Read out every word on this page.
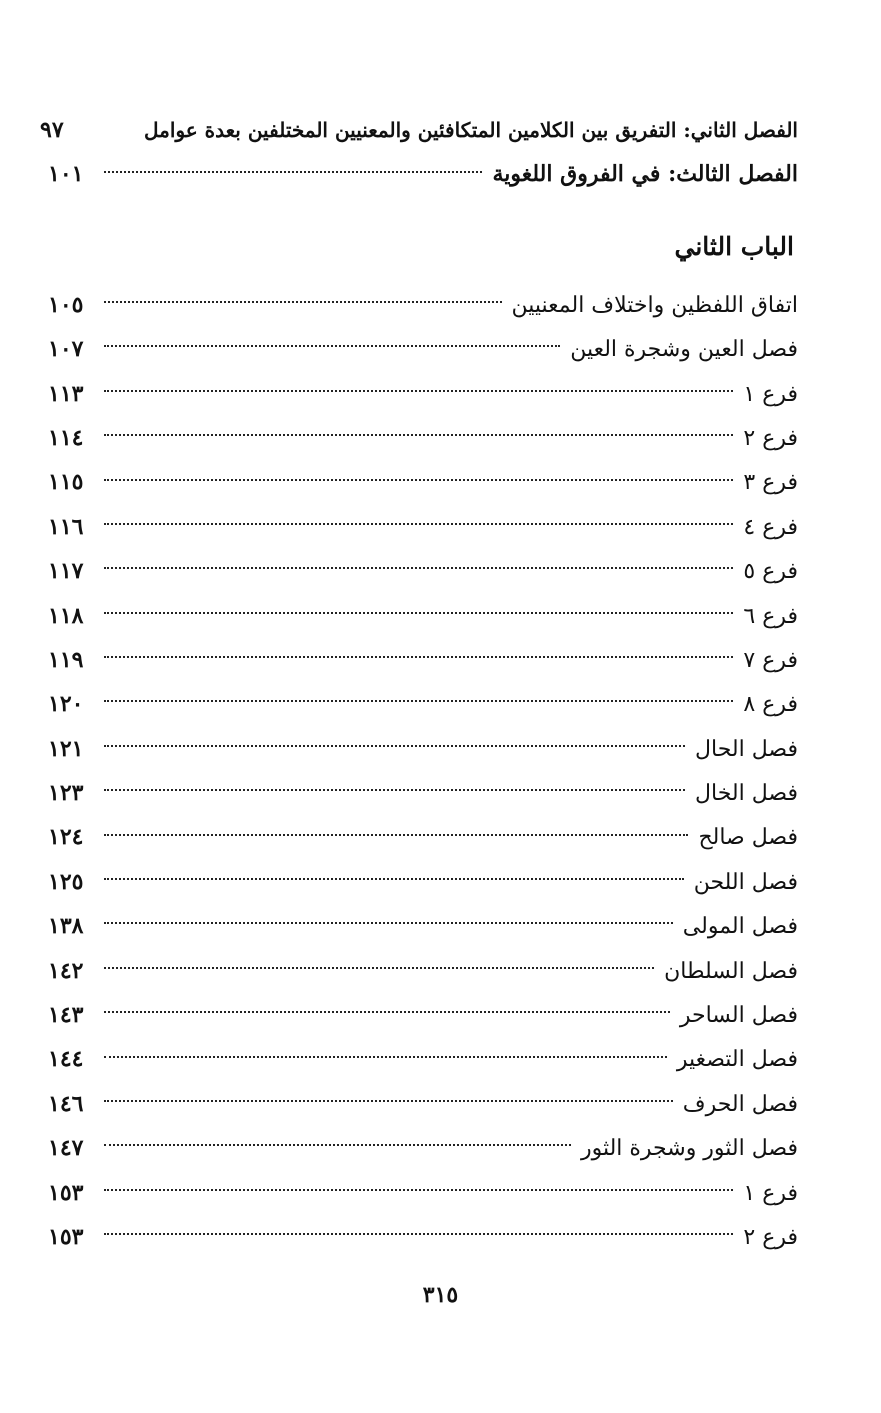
الفصل الثاني: التفريق بين الكلامين المتكافئين والمعنيين المختلفين بعدة عوامل
٩٧
الفصل الثالث: في الفروق اللغوية
١٠١
الباب الثاني
اتفاق اللفظين واختلاف المعنيين
١٠٥
فصل العين وشجرة العين
١٠٧
فرع ١
١١٣
فرع ٢
١١٤
فرع ٣
١١٥
فرع ٤
١١٦
فرع ٥
١١٧
فرع ٦
١١٨
فرع ٧
١١٩
فرع ٨
١٢٠
فصل الحال
١٢١
فصل الخال
١٢٣
فصل صالح
١٢٤
فصل اللحن
١٢٥
فصل المولى
١٣٨
فصل السلطان
١٤٢
فصل الساحر
١٤٣
فصل التصغير
١٤٤
فصل الحرف
١٤٦
فصل الثور وشجرة الثور
١٤٧
فرع ١
١٥٣
فرع ٢
١٥٣
٣١٥
